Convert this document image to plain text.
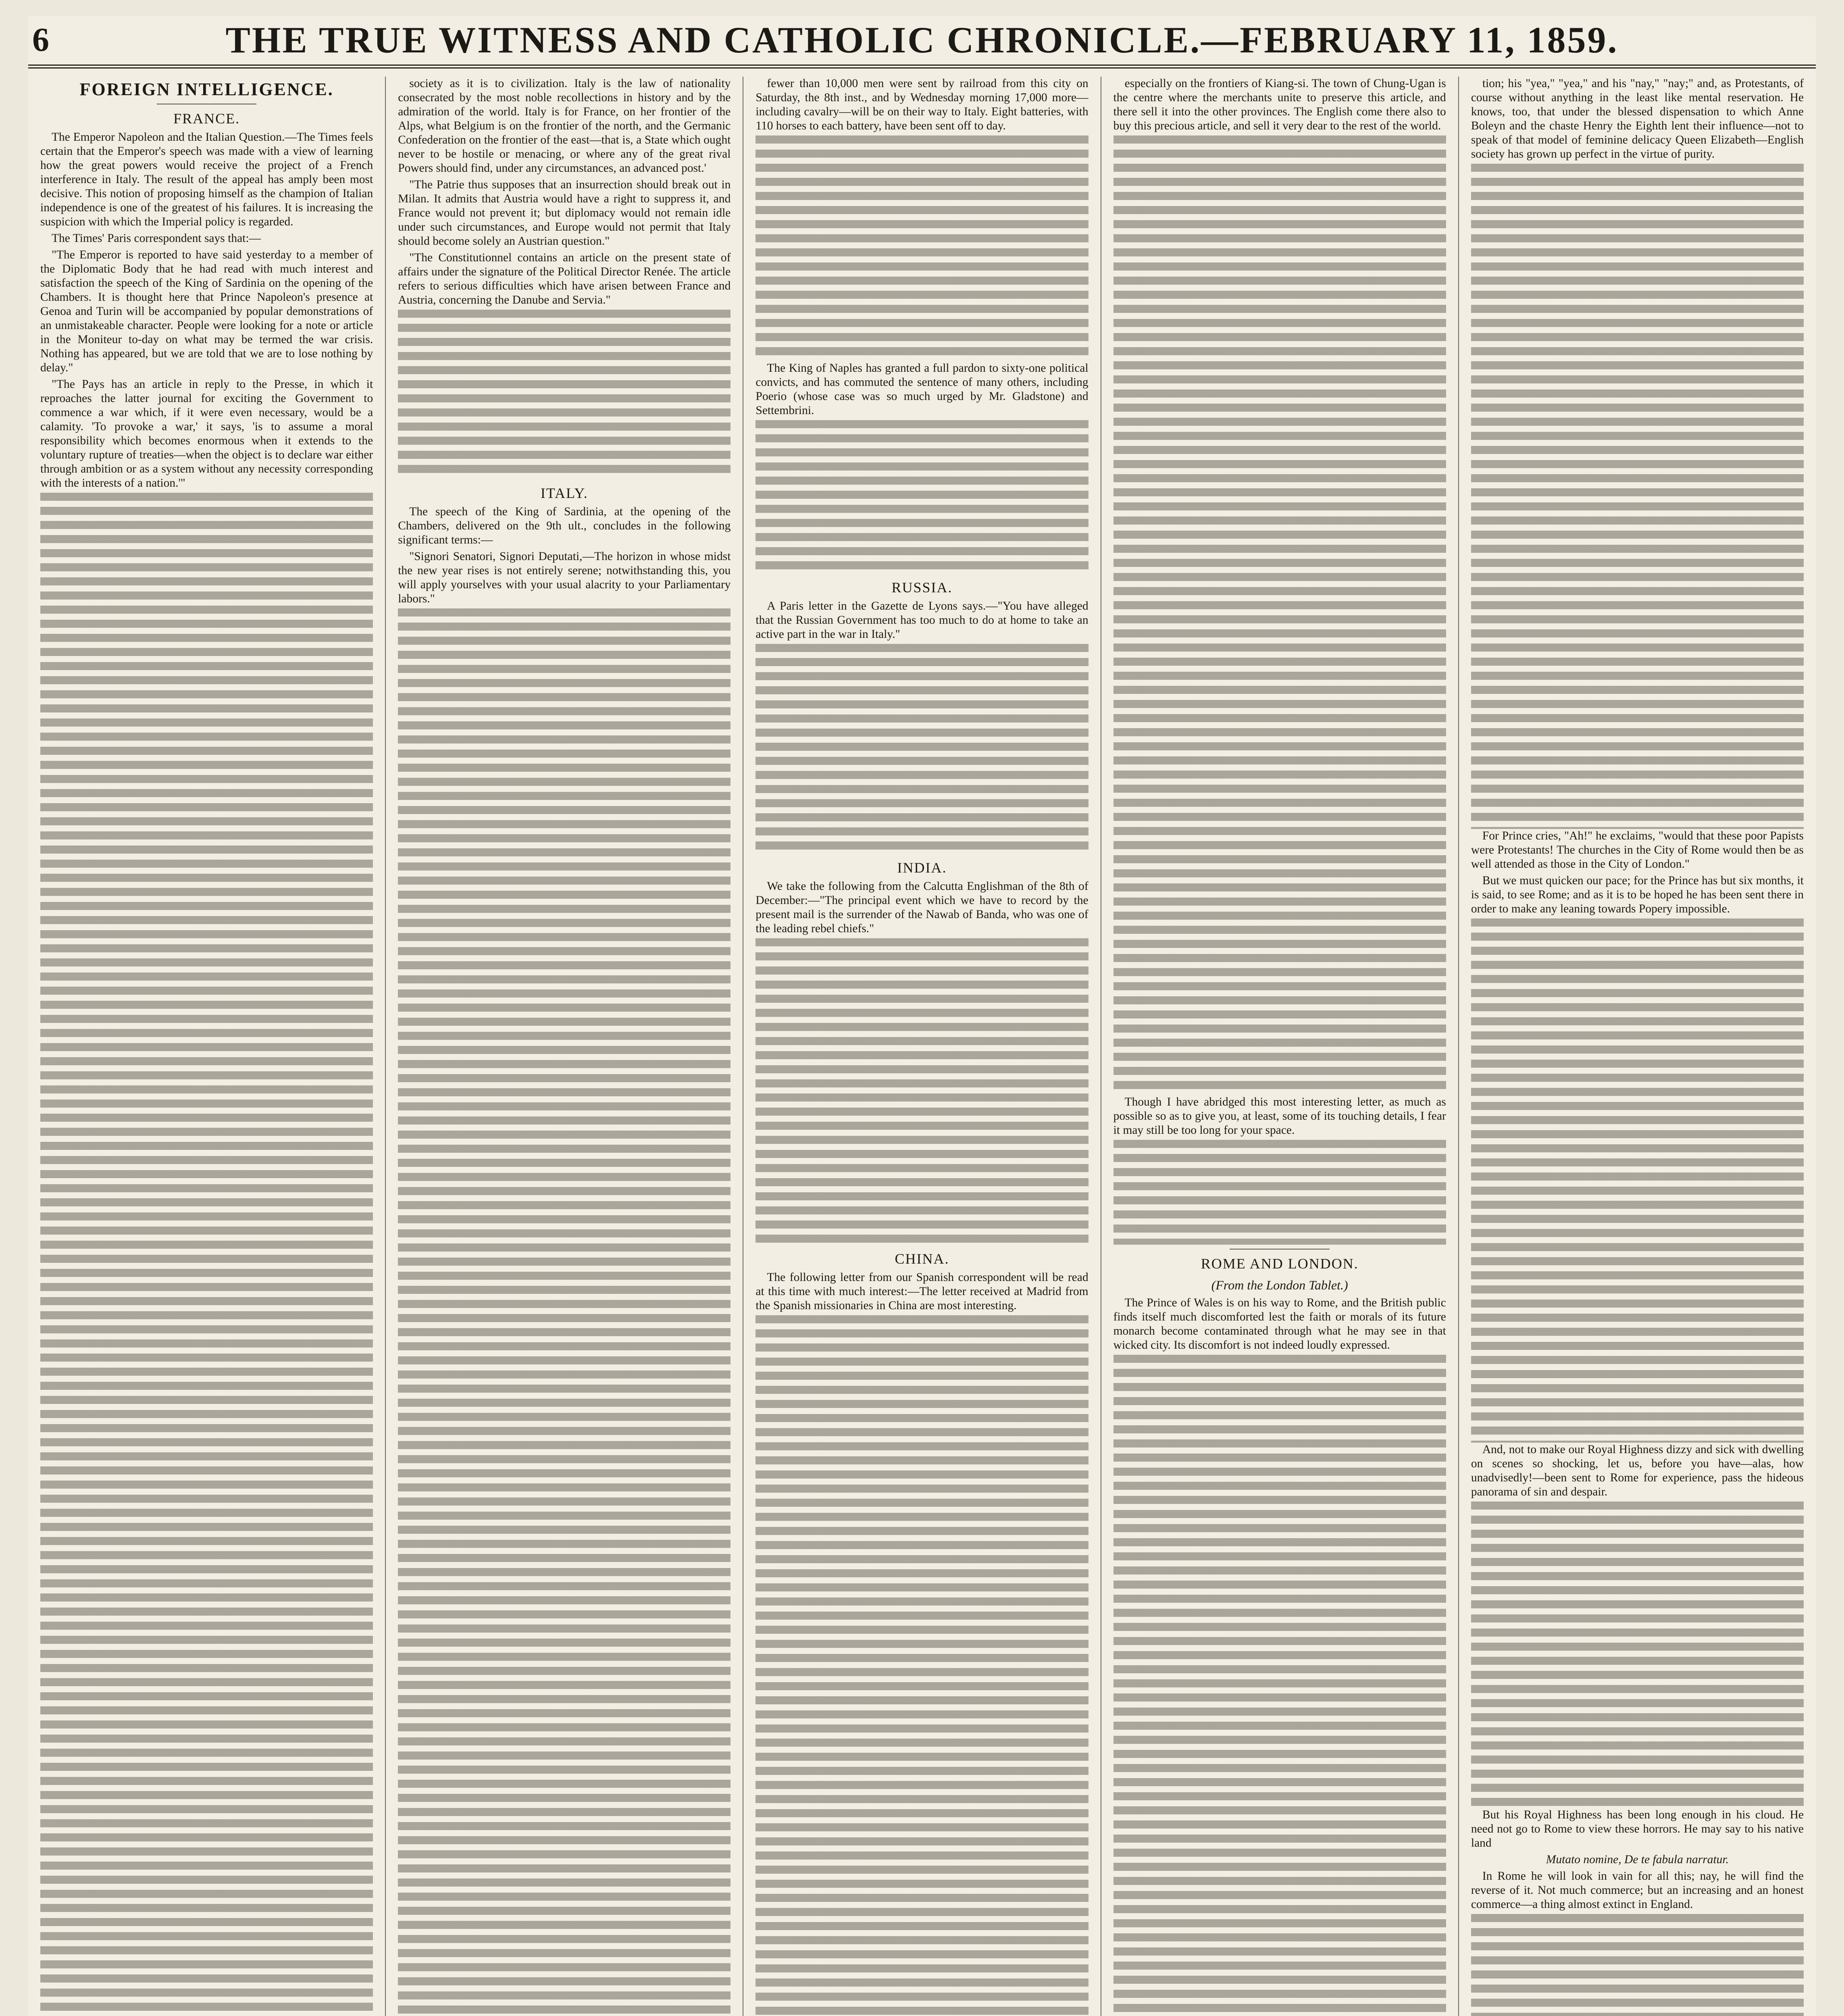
6	THE TRUE WITNESS AND CATHOLIC CHRONICLE.—FEBRUARY 11, 1859.
FOREIGN INTELLIGENCE.
FRANCE.

The Emperor Napoleon and the Italian Question.—The Times feels certain that the Emperor's speech was made with a view of learning how the great powers would receive the project of a French interference in Italy. The result of the appeal has amply been most decisive. This notion of proposing himself as the champion of Italian independence is one of the greatest of his failures. It is increasing the suspicion with which the Imperial policy is regarded.

The Times' Paris correspondent says that:—

"The Emperor is reported to have said yesterday to a member of the Diplomatic Body that he had read with much interest and satisfaction the speech of the King of Sardinia on the opening of the Chambers. It is thought here that Prince Napoleon's presence at Genoa and Turin will be accompanied by popular demonstrations of an unmistakeable character. People were looking for a note or article in the Moniteur to-day on what may be termed the war crisis. Nothing has appeared, but we are told that we are to lose nothing by delay."

"The Pays has an article in reply to the Presse, in which it reproaches the latter journal for exciting the Government to commence a war which, if it were even necessary, would be a calamity. 'To provoke a war,' it says, 'is to assume a moral responsibility which becomes enormous when it extends to the voluntary rupture of treaties—when the object is to declare war either through ambition or as a system without any necessity corresponding with the interests of a nation.'"

society as it is to civilization. Italy is the law of nationality consecrated by the most noble recollections in history and by the admiration of the world. Italy is for France, on her frontier of the Alps, what Belgium is on the frontier of the north, and the Germanic Confederation on the frontier of the east—that is, a State which ought never to be hostile or menacing, or where any of the great rival Powers should find, under any circumstances, an advanced post.'

"The Patrie thus supposes that an insurrection should break out in Milan. It admits that Austria would have a right to suppress it, and France would not prevent it; but diplomacy would not remain idle under such circumstances, and Europe would not permit that Italy should become solely an Austrian question."

"The Constitutionnel contains an article on the present state of affairs under the signature of the Political Director Renée. The article refers to serious difficulties which have arisen between France and Austria, concerning the Danube and Servia."

ITALY.

The speech of the King of Sardinia, at the opening of the Chambers, delivered on the 9th ult., concludes in the following significant terms:—

"Signori Senatori, Signori Deputati,—The horizon in whose midst the new year rises is not entirely serene; notwithstanding this, you will apply yourselves with your usual alacrity to your Parliamentary labors."

fewer than 10,000 men were sent by railroad from this city on Saturday, the 8th inst., and by Wednesday morning 17,000 more—including cavalry—will be on their way to Italy. Eight batteries, with 110 horses to each battery, have been sent off to day.

The King of Naples has granted a full pardon to sixty-one political convicts, and has commuted the sentence of many others, including Poerio (whose case was so much urged by Mr. Gladstone) and Settembrini.

RUSSIA.

A Paris letter in the Gazette de Lyons says.—"You have alleged that the Russian Government has too much to do at home to take an active part in the war in Italy."

INDIA.

We take the following from the Calcutta Englishman of the 8th of December:—"The principal event which we have to record by the present mail is the surrender of the Nawab of Banda, who was one of the leading rebel chiefs."

CHINA.

The following letter from our Spanish correspondent will be read at this time with much interest:—The letter received at Madrid from the Spanish missionaries in China are most interesting.

especially on the frontiers of Kiang-si. The town of Chung-Ugan is the centre where the merchants unite to preserve this article, and there sell it into the other provinces. The English come there also to buy this precious article, and sell it very dear to the rest of the world.

Though I have abridged this most interesting letter, as much as possible so as to give you, at least, some of its touching details, I fear it may still be too long for your space.

ROME AND LONDON.
(From the London Tablet.)

The Prince of Wales is on his way to Rome, and the British public finds itself much discomforted lest the faith or morals of its future monarch become contaminated through what he may see in that wicked city. Its discomfort is not indeed loudly expressed.

tion; his "yea," "yea," and his "nay," "nay;" and, as Protestants, of course without anything in the least like mental reservation. He knows, too, that under the blessed dispensation to which Anne Boleyn and the chaste Henry the Eighth lent their influence—not to speak of that model of feminine delicacy Queen Elizabeth—English society has grown up perfect in the virtue of purity.

For Prince cries, "Ah!" he exclaims, "would that these poor Papists were Protestants! The churches in the City of Rome would then be as well attended as those in the City of London."

But we must quicken our pace; for the Prince has but six months, it is said, to see Rome; and as it is to be hoped he has been sent there in order to make any leaning towards Popery impossible.

And, not to make our Royal Highness dizzy and sick with dwelling on scenes so shocking, let us, before you have—alas, how unadvisedly!—been sent to Rome for experience, pass the hideous panorama of sin and despair.

But his Royal Highness has been long enough in his cloud. He need not go to Rome to view these horrors. He may say to his native land

Mutato nomine, De te fabula narratur.

In Rome he will look in vain for all this; nay, he will find the reverse of it. Not much commerce; but an increasing and an honest commerce—a thing almost extinct in England.
